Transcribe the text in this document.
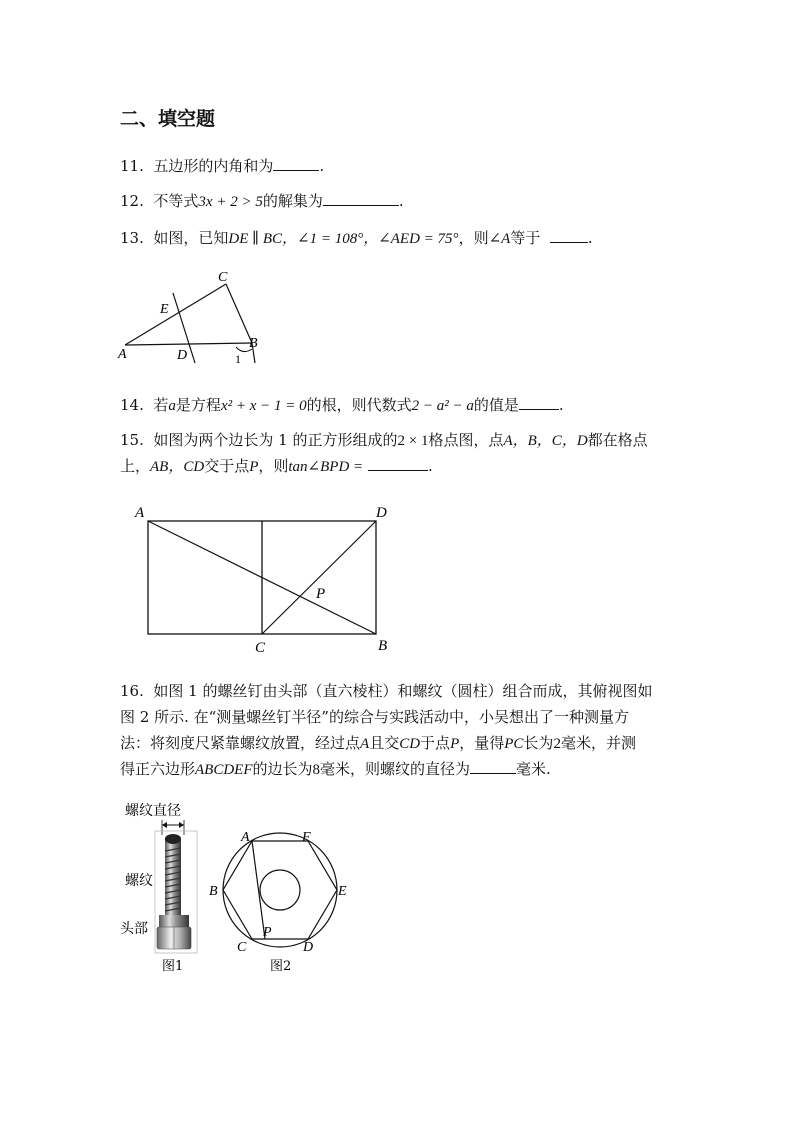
二、填空题
11. 五边形的内角和为	.
12. 不等式3x + 2 > 5的解集为	.
13. 如图，已知DE ∥ BC，∠1 = 108°，∠AED = 75°，则∠A等于	.
C
E
A	D
B
1
14. 若a是方程x² + x − 1 = 0的根，则代数式2 − a² − a的值是	.
15. 如图为两个边长为 1 的正方形组成的2 × 1格点图，点A，B，C，D都在格点
上，AB，CD交于点P，则tan∠BPD =	.
A	D
P
C	B
16. 如图 1 的螺丝钉由头部（直六棱柱）和螺纹（圆柱）组合而成，其俯视图如
图 2 所示. 在“测量螺丝钉半径”的综合与实践活动中，小吴想出了一种测量方
法：将刻度尺紧靠螺纹放置，经过点A且交CD于点P，量得PC长为2毫米，并测
得正六边形ABCDEF的边长为8毫米，则螺纹的直径为	毫米.
螺纹直径
螺纹
头部
图1
A	F
B	E
C
P
D
图2
